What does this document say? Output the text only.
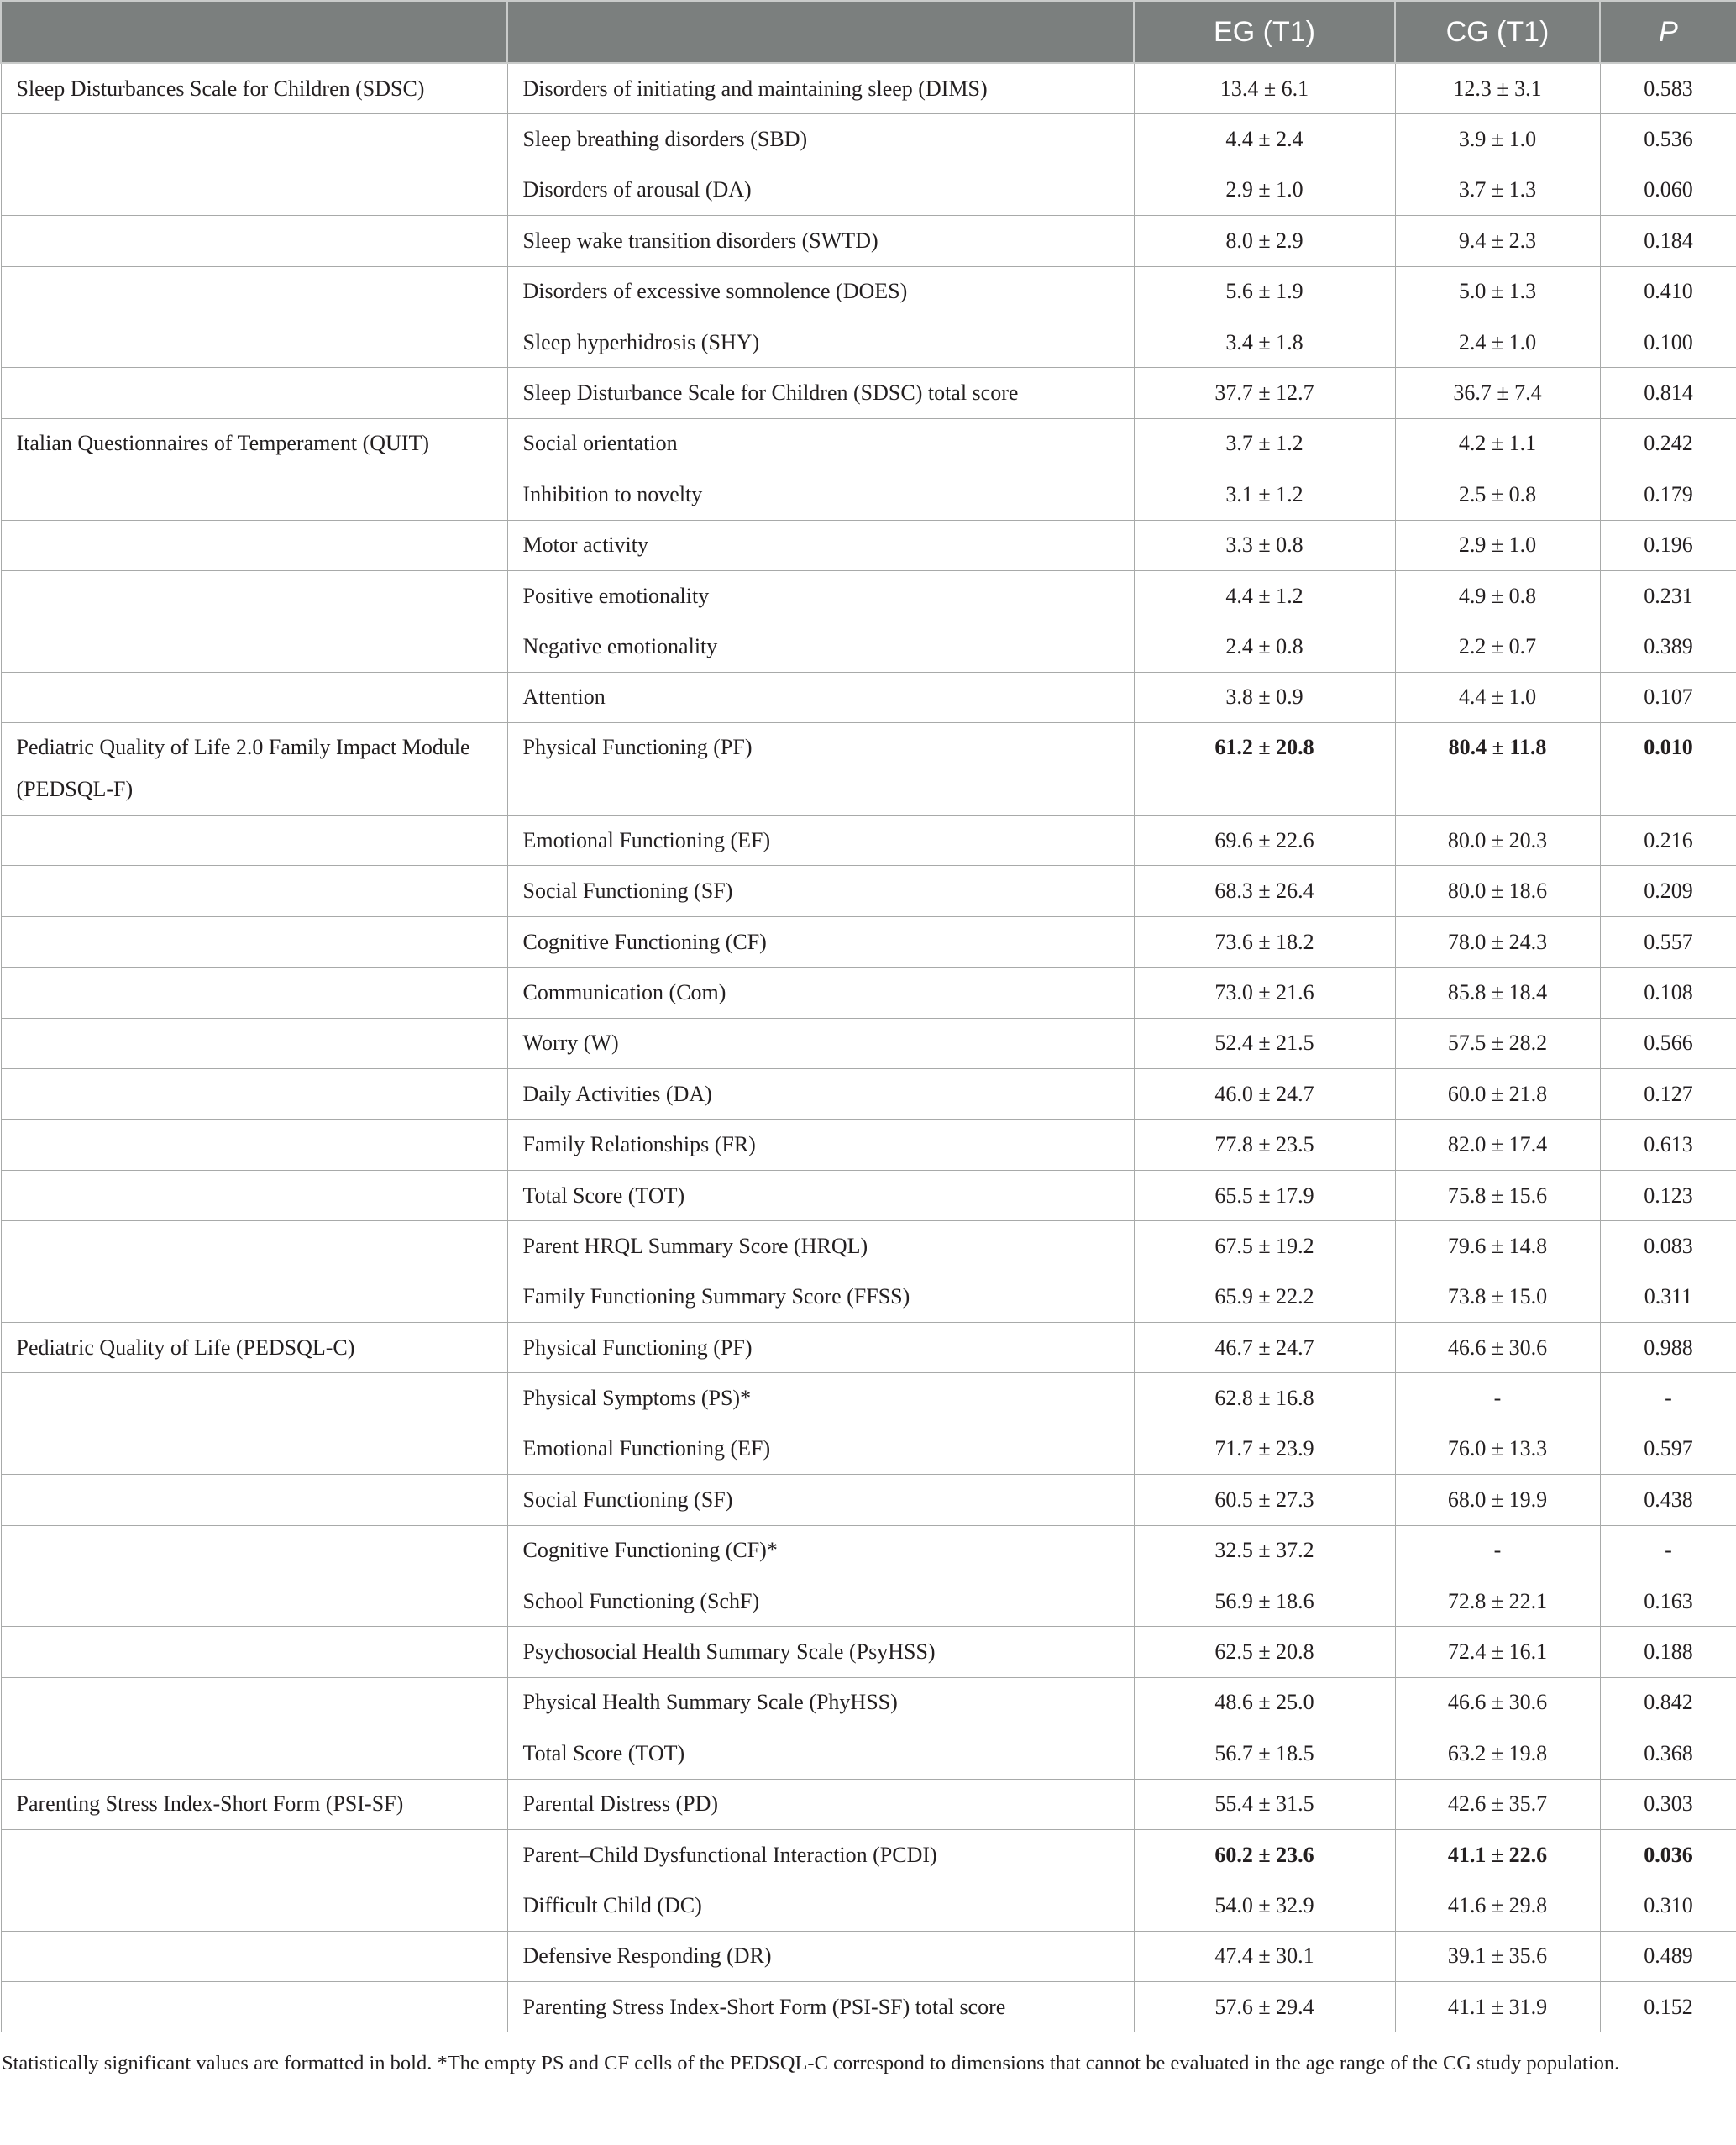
		EG (T1)	CG (T1)	P
Sleep Disturbances Scale for Children (SDSC)	Disorders of initiating and maintaining sleep (DIMS)	13.4 ± 6.1	12.3 ± 3.1	0.583
	Sleep breathing disorders (SBD)	4.4 ± 2.4	3.9 ± 1.0	0.536
	Disorders of arousal (DA)	2.9 ± 1.0	3.7 ± 1.3	0.060
	Sleep wake transition disorders (SWTD)	8.0 ± 2.9	9.4 ± 2.3	0.184
	Disorders of excessive somnolence (DOES)	5.6 ± 1.9	5.0 ± 1.3	0.410
	Sleep hyperhidrosis (SHY)	3.4 ± 1.8	2.4 ± 1.0	0.100
	Sleep Disturbance Scale for Children (SDSC) total score	37.7 ± 12.7	36.7 ± 7.4	0.814
Italian Questionnaires of Temperament (QUIT)	Social orientation	3.7 ± 1.2	4.2 ± 1.1	0.242
	Inhibition to novelty	3.1 ± 1.2	2.5 ± 0.8	0.179
	Motor activity	3.3 ± 0.8	2.9 ± 1.0	0.196
	Positive emotionality	4.4 ± 1.2	4.9 ± 0.8	0.231
	Negative emotionality	2.4 ± 0.8	2.2 ± 0.7	0.389
	Attention	3.8 ± 0.9	4.4 ± 1.0	0.107
Pediatric Quality of Life 2.0 Family Impact Module (PEDSQL-F)	Physical Functioning (PF)	61.2 ± 20.8	80.4 ± 11.8	0.010
	Emotional Functioning (EF)	69.6 ± 22.6	80.0 ± 20.3	0.216
	Social Functioning (SF)	68.3 ± 26.4	80.0 ± 18.6	0.209
	Cognitive Functioning (CF)	73.6 ± 18.2	78.0 ± 24.3	0.557
	Communication (Com)	73.0 ± 21.6	85.8 ± 18.4	0.108
	Worry (W)	52.4 ± 21.5	57.5 ± 28.2	0.566
	Daily Activities (DA)	46.0 ± 24.7	60.0 ± 21.8	0.127
	Family Relationships (FR)	77.8 ± 23.5	82.0 ± 17.4	0.613
	Total Score (TOT)	65.5 ± 17.9	75.8 ± 15.6	0.123
	Parent HRQL Summary Score (HRQL)	67.5 ± 19.2	79.6 ± 14.8	0.083
	Family Functioning Summary Score (FFSS)	65.9 ± 22.2	73.8 ± 15.0	0.311
Pediatric Quality of Life (PEDSQL-C)	Physical Functioning (PF)	46.7 ± 24.7	46.6 ± 30.6	0.988
	Physical Symptoms (PS)*	62.8 ± 16.8	-	-
	Emotional Functioning (EF)	71.7 ± 23.9	76.0 ± 13.3	0.597
	Social Functioning (SF)	60.5 ± 27.3	68.0 ± 19.9	0.438
	Cognitive Functioning (CF)*	32.5 ± 37.2	-	-
	School Functioning (SchF)	56.9 ± 18.6	72.8 ± 22.1	0.163
	Psychosocial Health Summary Scale (PsyHSS)	62.5 ± 20.8	72.4 ± 16.1	0.188
	Physical Health Summary Scale (PhyHSS)	48.6 ± 25.0	46.6 ± 30.6	0.842
	Total Score (TOT)	56.7 ± 18.5	63.2 ± 19.8	0.368
Parenting Stress Index-Short Form (PSI-SF)	Parental Distress (PD)	55.4 ± 31.5	42.6 ± 35.7	0.303
	Parent–Child Dysfunctional Interaction (PCDI)	60.2 ± 23.6	41.1 ± 22.6	0.036
	Difficult Child (DC)	54.0 ± 32.9	41.6 ± 29.8	0.310
	Defensive Responding (DR)	47.4 ± 30.1	39.1 ± 35.6	0.489
	Parenting Stress Index-Short Form (PSI-SF) total score	57.6 ± 29.4	41.1 ± 31.9	0.152
Statistically significant values are formatted in bold. *The empty PS and CF cells of the PEDSQL-C correspond to dimensions that cannot be evaluated in the age range of the CG study population.
